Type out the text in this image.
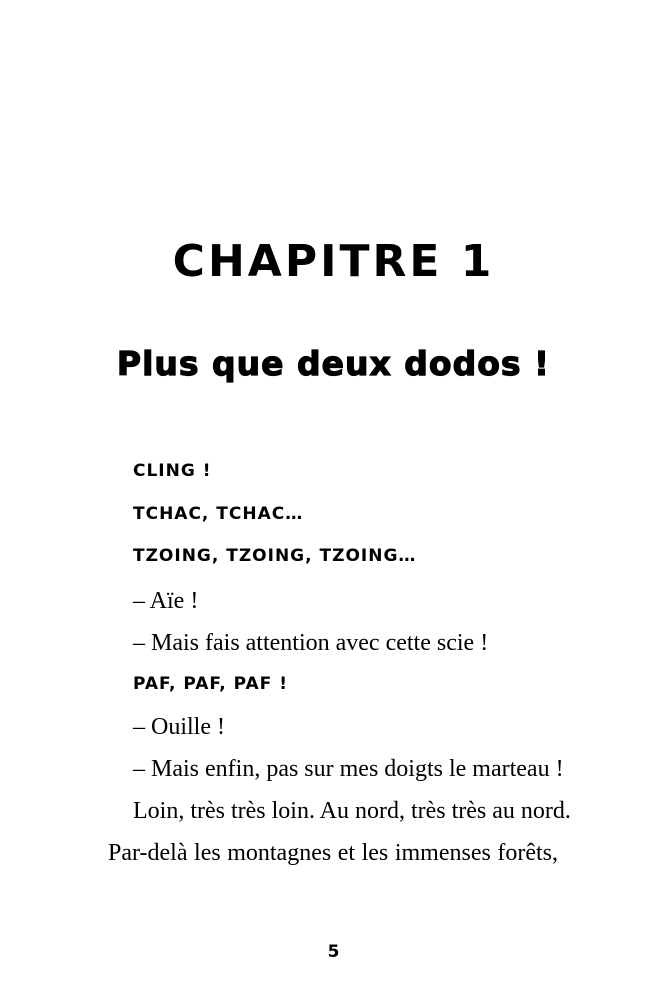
CHAPITRE 1
Plus que deux dodos !
CLING !
TCHAC, TCHAC…
TZOING, TZOING, TZOING…
– Aïe !
– Mais fais attention avec cette scie !
PAF, PAF, PAF !
– Ouille !
– Mais enfin, pas sur mes doigts le marteau !
Loin, très très loin. Au nord, très très au nord.
Par-delà les montagnes et les immenses forêts,
5
